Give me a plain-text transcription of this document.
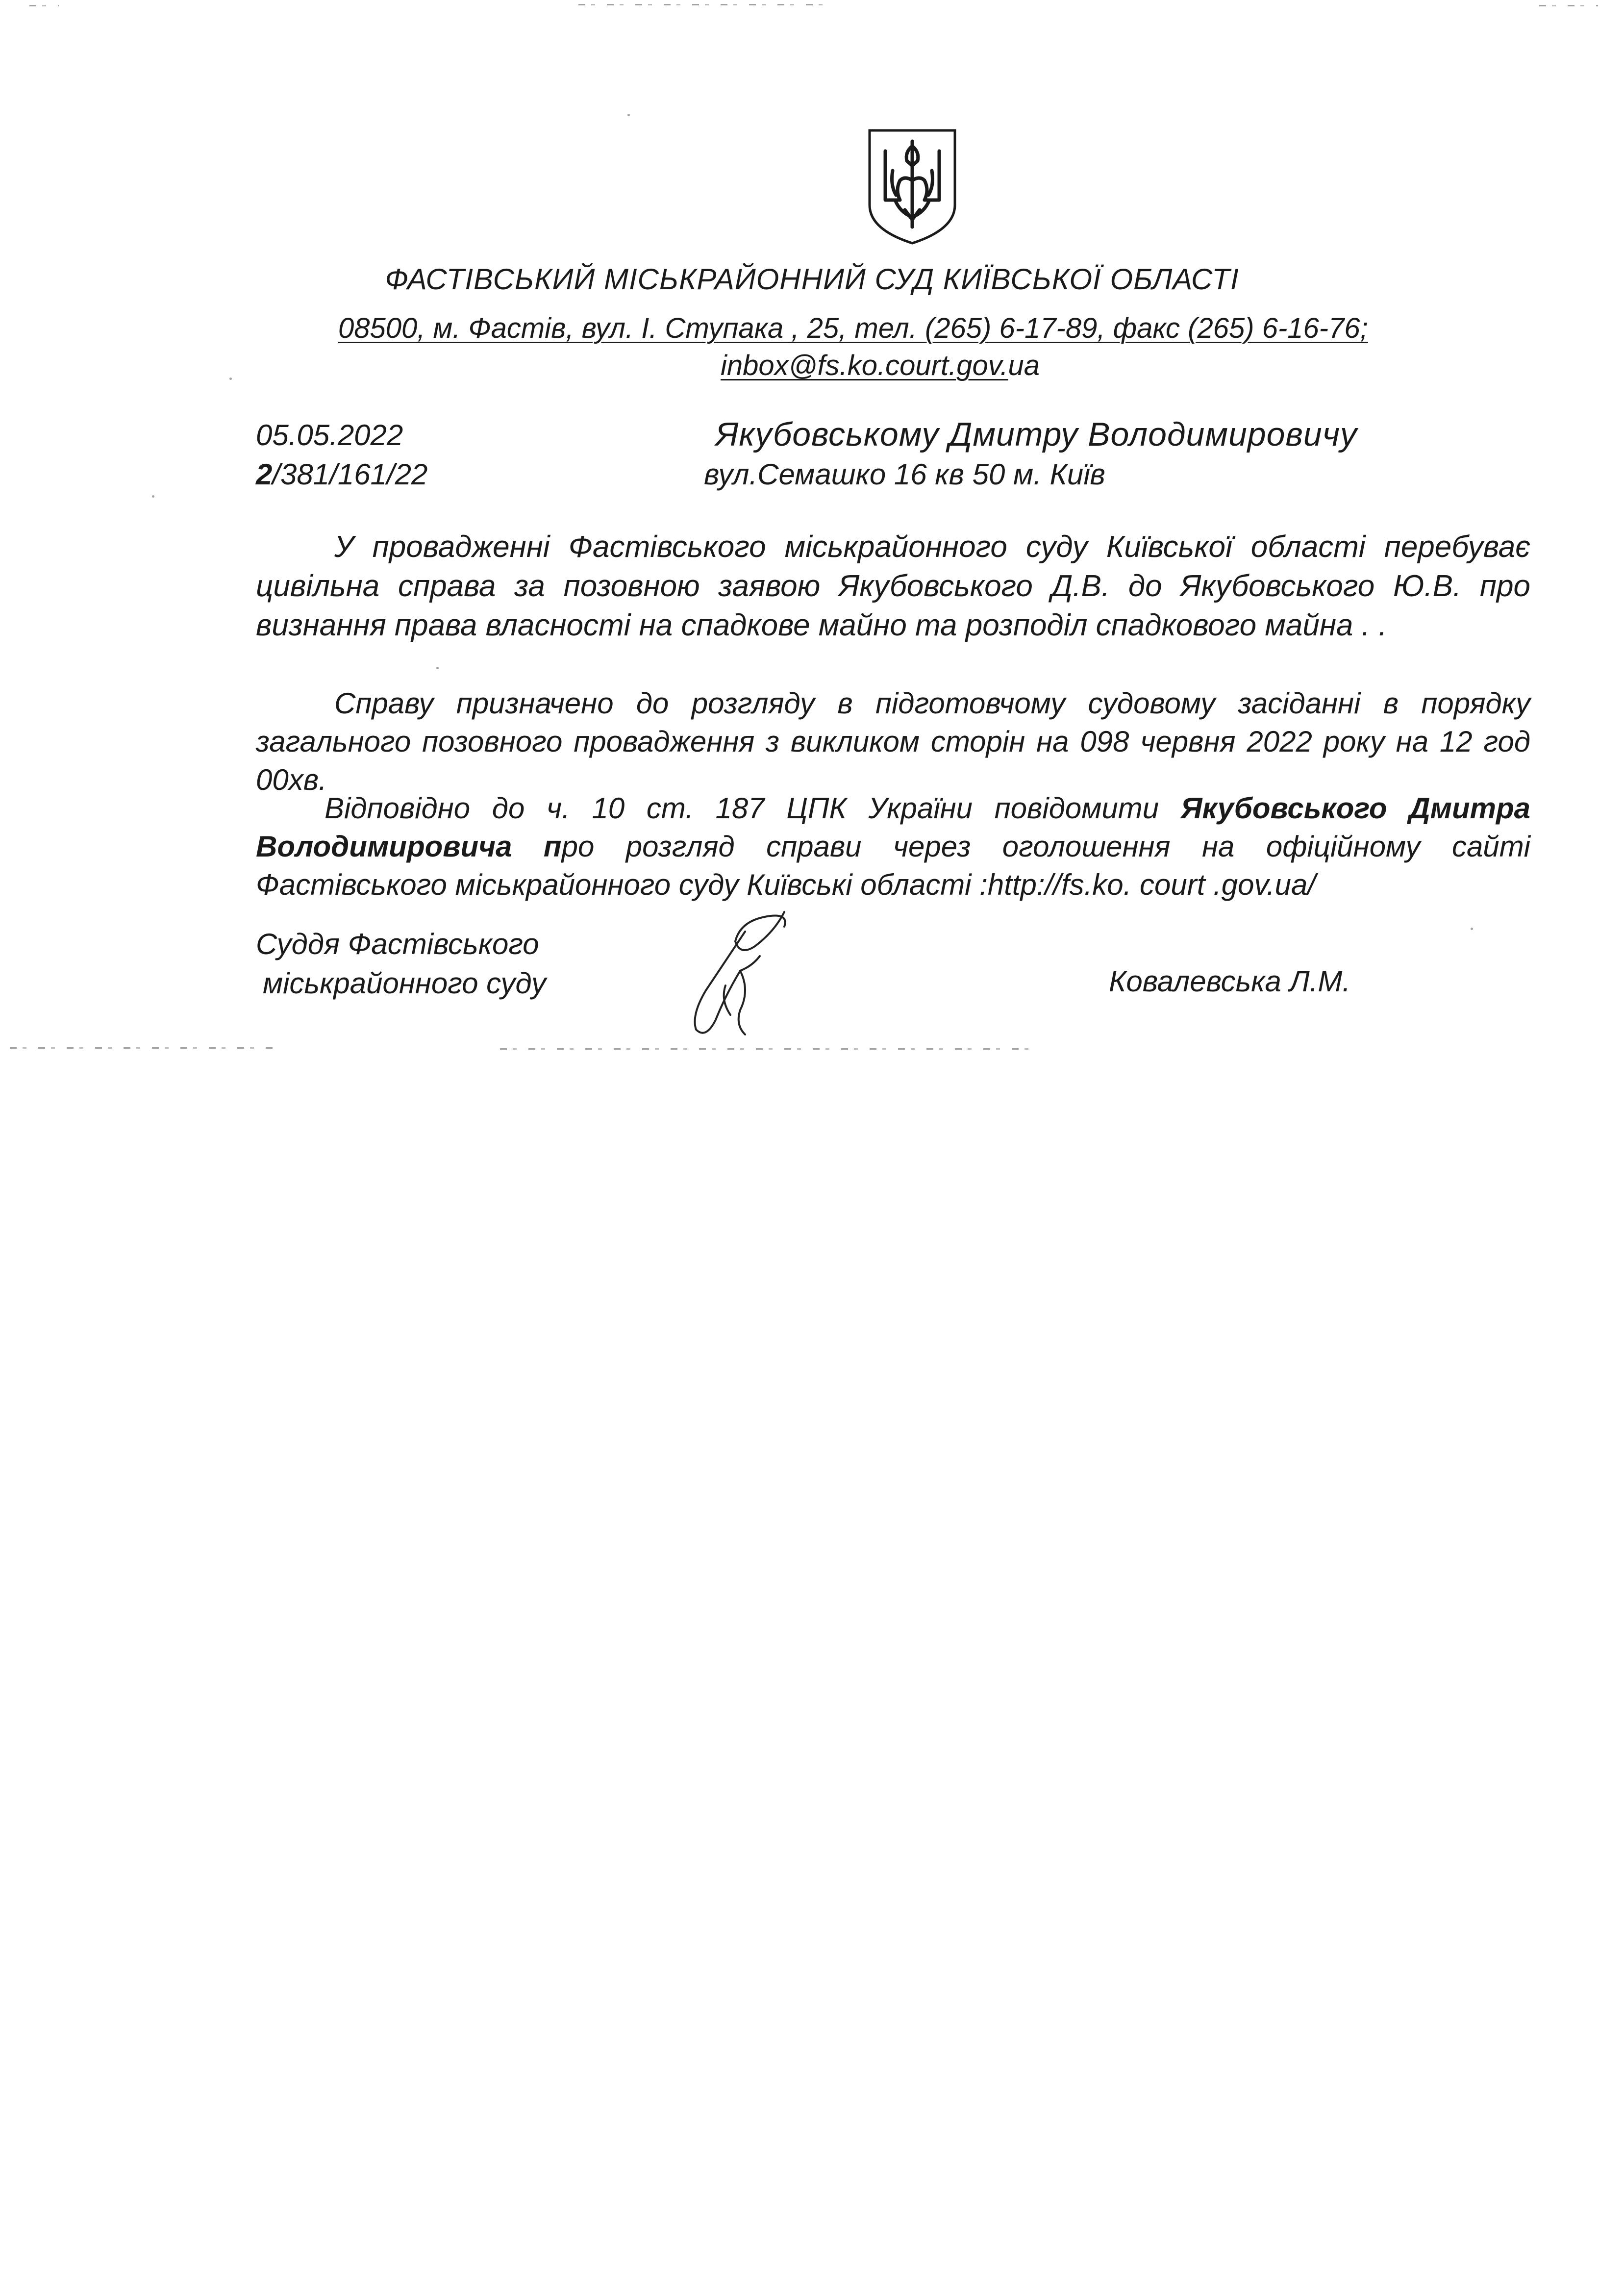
ФАСТІВСЬКИЙ МІСЬКРАЙОННИЙ СУД КИЇВСЬКОЇ ОБЛАСТІ
08500, м. Фастів, вул. І. Ступака , 25, тел. (265) 6-17-89, факс (265) 6-16-76;
inbox@fs.ko.court.gov.ua
05.05.2022
2/381/161/22
Якубовському Дмитру Володимировичу
вул.Семашко 16 кв 50 м. Київ
У провадженні Фастівського міськрайонного суду Київської області перебуває цивільна справа за позовною заявою Якубовського Д.В. до Якубовського Ю.В. про визнання права власності на спадкове майно та розподіл спадкового майна . .
Справу призначено до розгляду в підготовчому судовому засіданні в порядку загального позовного провадження з викликом сторін на 098 червня 2022 року на 12 год 00хв.
Відповідно до ч. 10 ст. 187 ЦПК України повідомити Якубовського Дмитра Володимировича про розгляд справи через оголошення на офіційному сайті Фастівського міськрайонного суду Київські області :http://fs.ko. court .gov.ua/
Суддя Фастівського
міськрайонного суду	Ковалевська Л.М.
